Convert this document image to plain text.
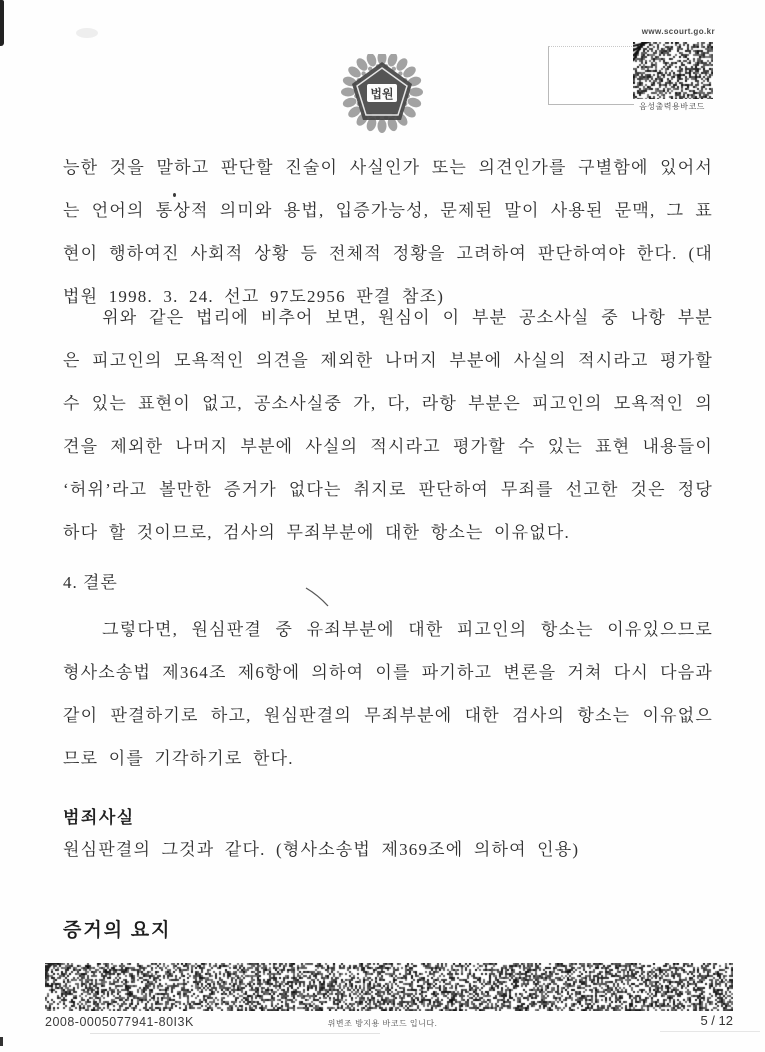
법원
www.scourt.go.kr
음성출력용바코드

능한 것을 말하고 판단할 진술이 사실인가 또는 의견인가를 구별함에 있어서는 언어의 통상적 의미와 용법, 입증가능성, 문제된 말이 사용된 문맥, 그 표현이 행하여진 사회적 상황 등 전체적 정황을 고려하여 판단하여야 한다. (대법원 1998. 3. 24. 선고 97도2956 판결 참조)

위와 같은 법리에 비추어 보면, 원심이 이 부분 공소사실 중 나항 부분은 피고인의 모욕적인 의견을 제외한 나머지 부분에 사실의 적시라고 평가할 수 있는 표현이 없고, 공소사실중 가, 다, 라항 부분은 피고인의 모욕적인 의견을 제외한 나머지 부분에 사실의 적시라고 평가할 수 있는 표현 내용들이 ‘허위’라고 볼만한 증거가 없다는 취지로 판단하여 무죄를 선고한 것은 정당하다 할 것이므로, 검사의 무죄부분에 대한 항소는 이유없다.

4. 결론

그렇다면, 원심판결 중 유죄부분에 대한 피고인의 항소는 이유있으므로 형사소송법 제364조 제6항에 의하여 이를 파기하고 변론을 거쳐 다시 다음과 같이 판결하기로 하고, 원심판결의 무죄부분에 대한 검사의 항소는 이유없으므로 이를 기각하기로 한다.

범죄사실

원심판결의 그것과 같다. (형사소송법 제369조에 의하여 인용)

증거의 요지
2008-0005077941-80I3K	위변조 방지용 바코드 입니다.	5 / 12
